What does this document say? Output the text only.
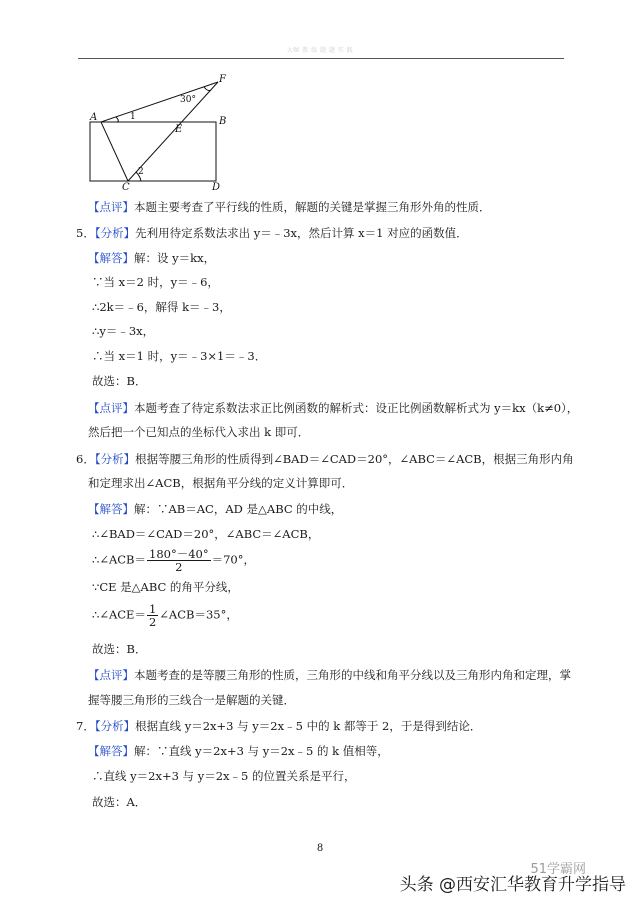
大咖 教 练 题 题 实 践
F
A	B
E
C	D
1
2
30°
【点评】本题主要考查了平行线的性质，解题的关键是掌握三角形外角的性质．
5．【分析】先利用待定系数法求出 y＝﹣3x，然后计算 x＝1 对应的函数值．
【解答】解：设 y＝kx，
∵当 x＝2 时，y＝﹣6，
∴2k＝﹣6，解得 k＝﹣3，
∴y＝﹣3x，
∴当 x＝1 时，y＝﹣3×1＝﹣3．
故选：B．
【点评】本题考查了待定系数法求正比例函数的解析式：设正比例函数解析式为 y＝kx（k≠0），
然后把一个已知点的坐标代入求出 k 即可．
6．【分析】根据等腰三角形的性质得到∠BAD＝∠CAD＝20°，∠ABC＝∠ACB，根据三角形内角
和定理求出∠ACB，根据角平分线的定义计算即可．
【解答】解：∵AB＝AC，AD 是△ABC 的中线，
∴∠BAD＝∠CAD＝20°，∠ABC＝∠ACB，
∴∠ACB＝ $\frac{180^\circ-40^\circ}{2} =70^\circ$，
∵CE 是△ABC 的角平分线，
∴∠ACE＝ $\frac{1}{2}$ ∠ACB＝35°，
故选：B．
【点评】本题考查的是等腰三角形的性质，三角形的中线和角平分线以及三角形内角和定理，掌
握等腰三角形的三线合一是解题的关键．
7．【分析】根据直线 y＝2x+3 与 y＝2x﹣5 中的 k 都等于 2，于是得到结论．
【解答】解：∵直线 y＝2x+3 与 y＝2x﹣5 的 k 值相等，
∴直线 y＝2x+3 与 y＝2x﹣5 的位置关系是平行，
故选：A．
8
51学霸网
头条 @西安汇华教育升学指导
